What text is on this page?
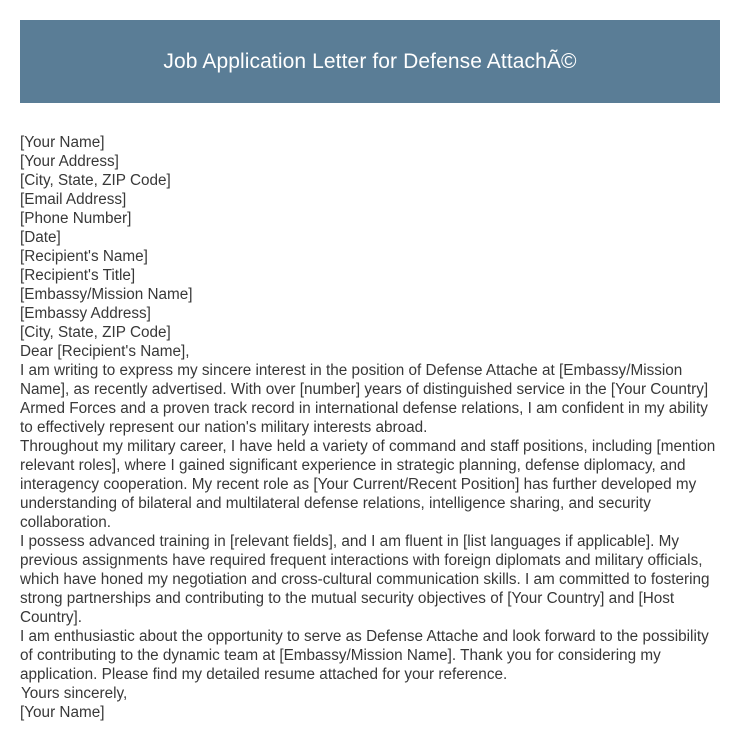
Job Application Letter for Defense AttachÃ©
[Your Name]
[Your Address]
[City, State, ZIP Code]
[Email Address]
[Phone Number]
[Date]
[Recipient's Name]
[Recipient's Title]
[Embassy/Mission Name]
[Embassy Address]
[City, State, ZIP Code]
Dear [Recipient's Name],

I am writing to express my sincere interest in the position of Defense Attache at [Embassy/Mission Name], as recently advertised. With over [number] years of distinguished service in the [Your Country] Armed Forces and a proven track record in international defense relations, I am confident in my ability to effectively represent our nation's military interests abroad.

Throughout my military career, I have held a variety of command and staff positions, including [mention relevant roles], where I gained significant experience in strategic planning, defense diplomacy, and interagency cooperation. My recent role as [Your Current/Recent Position] has further developed my understanding of bilateral and multilateral defense relations, intelligence sharing, and security collaboration.

I possess advanced training in [relevant fields], and I am fluent in [list languages if applicable]. My previous assignments have required frequent interactions with foreign diplomats and military officials, which have honed my negotiation and cross-cultural communication skills. I am committed to fostering strong partnerships and contributing to the mutual security objectives of [Your Country] and [Host Country].

I am enthusiastic about the opportunity to serve as Defense Attache and look forward to the possibility of contributing to the dynamic team at [Embassy/Mission Name]. Thank you for considering my application. Please find my detailed resume attached for your reference.

Yours sincerely,
[Your Name]
